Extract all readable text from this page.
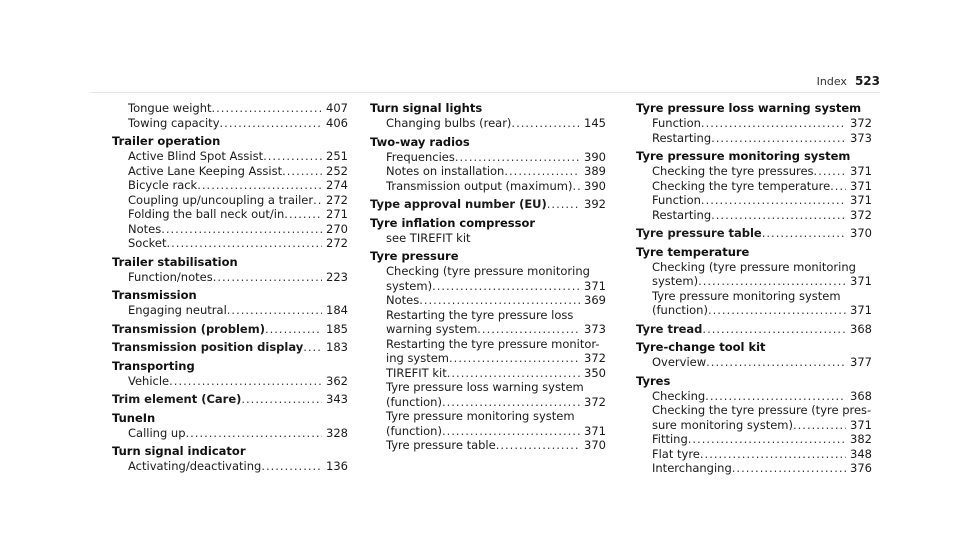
Index 523
Tongue weight .....	407
Towing capacity .....	406
Trailer operation
Active Blind Spot Assist .....	251
Active Lane Keeping Assist .....	252
Bicycle rack .....	274
Coupling up/uncoupling a trailer .....	272
Folding the ball neck out/in .....	271
Notes .....	270
Socket .....	272
Trailer stabilisation
Function/notes .....	223
Transmission
Engaging neutral .....	184
Transmission (problem) .....	185
Transmission position display .....	183
Transporting
Vehicle .....	362
Trim element (Care) .....	343
TuneIn
Calling up .....	328
Turn signal indicator
Activating/deactivating .....	136
Turn signal lights
Changing bulbs (rear) .....	145
Two-way radios
Frequencies .....	390
Notes on installation .....	389
Transmission output (maximum) .....	390
Type approval number (EU) .....	392
Tyre inflation compressor
see TIREFIT kit
Tyre pressure
Checking (tyre pressure monitoring
system) .....	371
Notes .....	369
Restarting the tyre pressure loss
warning system .....	373
Restarting the tyre pressure monitor-
ing system .....	372
TIREFIT kit .....	350
Tyre pressure loss warning system
(function) .....	372
Tyre pressure monitoring system
(function) .....	371
Tyre pressure table .....	370
Tyre pressure loss warning system
Function .....	372
Restarting .....	373
Tyre pressure monitoring system
Checking the tyre pressures .....	371
Checking the tyre temperature .....	371
Function .....	371
Restarting .....	372
Tyre pressure table .....	370
Tyre temperature
Checking (tyre pressure monitoring
system) .....	371
Tyre pressure monitoring system
(function) .....	371
Tyre tread .....	368
Tyre-change tool kit
Overview .....	377
Tyres
Checking .....	368
Checking the tyre pressure (tyre pres-
sure monitoring system) .....	371
Fitting .....	382
Flat tyre .....	348
Interchanging .....	376
